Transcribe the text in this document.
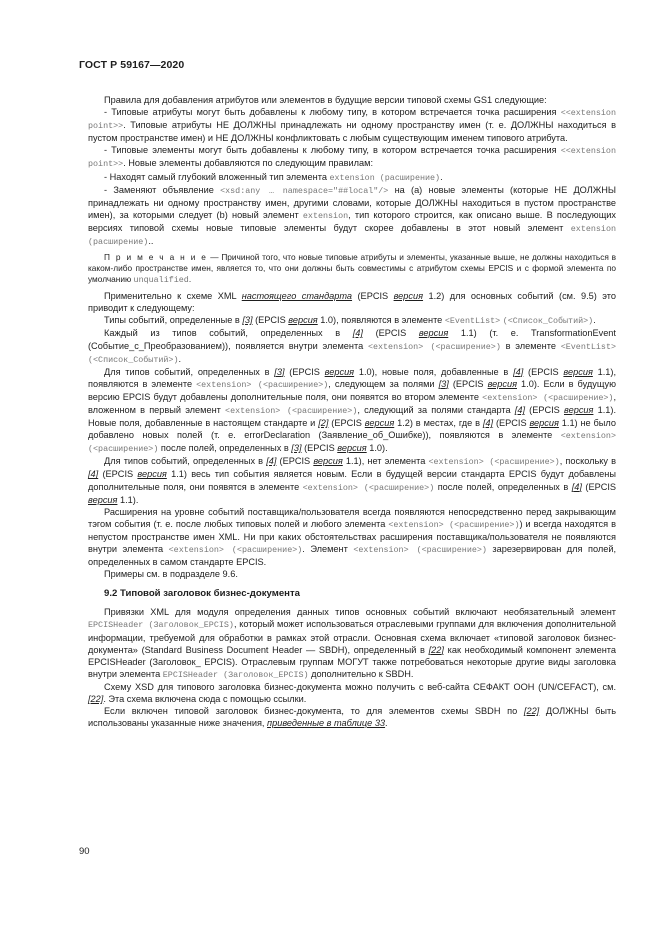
ГОСТ Р 59167—2020

Правила для добавления атрибутов или элементов в будущие версии типовой схемы GS1 следующие:

- Типовые атрибуты могут быть добавлены к любому типу, в котором встречается точка расширения <<extension point>>. Типовые атрибуты НЕ ДОЛЖНЫ принадлежать ни одному пространству имен (т. е. ДОЛЖНЫ находиться в пустом пространстве имен) и НЕ ДОЛЖНЫ конфликтовать с любым существующим именем типового атрибута.

- Типовые элементы могут быть добавлены к любому типу, в котором встречается точка расширения <<extension point>>. Новые элементы добавляются по следующим правилам:

- Находят самый глубокий вложенный тип элемента extension (расширение).

- Заменяют объявление <xsd:any … namespace="##local"/> на (a) новые элементы (которые НЕ ДОЛЖНЫ принадлежать ни одному пространству имен, другими словами, которые ДОЛЖНЫ находиться в пустом пространстве имен), за которыми следует (b) новый элемент extension, тип которого строится, как описано выше. В последующих версиях типовой схемы новые типовые элементы будут скорее добавлены в этот новый элемент extension (расширение)..

П р и м е ч а н и е — Причиной того, что новые типовые атрибуты и элементы, указанные выше, не должны находиться в каком-либо пространстве имен, является то, что они должны быть совместимы с атрибутом схемы EPCIS и с формой элемента по умолчанию unqualified.

Применительно к схеме XML настоящего стандарта (EPCIS версия 1.2) для основных событий (см. 9.5) это приводит к следующему:

Типы событий, определенные в [3] (EPCIS версия 1.0), появляются в элементе <EventList> (<Список_Событий>).

Каждый из типов событий, определенных в [4] (EPCIS версия 1.1) (т. е. TransformationEvent (Событие_с_Преобразованием)), появляется внутри элемента <extension> (<расширение>) в элементе <EventList> (<Список_Событий>).

Для типов событий, определенных в [3] (EPCIS версия 1.0), новые поля, добавленные в [4] (EPCIS версия 1.1), появляются в элементе <extension> (<расширение>), следующем за полями [3] (EPCIS версия 1.0). Если в будущую версию EPCIS будут добавлены дополнительные поля, они появятся во втором элементе <extension> (<расширение>), вложенном в первый элемент <extension> (<расширение>), следующий за полями стандарта [4] (EPCIS версия 1.1). Новые поля, добавленные в настоящем стандарте и [2] (EPCIS версия 1.2) в местах, где в [4] (EPCIS версия 1.1) не было добавлено новых полей (т. е. errorDeclaration (Заявление_об_Ошибке)), появляются в элементе <extension> (<расширение>) после полей, определенных в [3] (EPCIS версия 1.0).

Для типов событий, определенных в [4] (EPCIS версия 1.1), нет элемента <extension> (<расширение>), поскольку в [4] (EPCIS версия 1.1) весь тип события является новым. Если в будущей версии стандарта EPCIS будут добавлены дополнительные поля, они появятся в элементе <extension> (<расширение>) после полей, определенных в [4] (EPCIS версия 1.1).

Расширения на уровне событий поставщика/пользователя всегда появляются непосредственно перед закрывающим тэгом события (т. е. после любых типовых полей и любого элемента <extension> (<расширение>)) и всегда находятся в непустом пространстве имен XML. Ни при каких обстоятельствах расширения поставщика/пользователя не появляются внутри элемента <extension> (<расширение>). Элемент <extension> (<расширение>) зарезервирован для полей, определенных в самом стандарте EPCIS.

Примеры см. в подразделе 9.6.

9.2 Типовой заголовок бизнес-документа

Привязки XML для модуля определения данных типов основных событий включают необязательный элемент EPCISHeader (Заголовок_EPCIS), который может использоваться отраслевыми группами для включения дополнительной информации, требуемой для обработки в рамках этой отрасли. Основная схема включает «типовой заголовок бизнес-документа» (Standard Business Document Header — SBDH), определенный в [22] как необходимый компонент элемента EPCISHeader (Заголовок_ EPCIS). Отраслевым группам МОГУТ также потребоваться некоторые другие виды заголовка внутри элемента EPCISHeader (Заголовок_EPCIS) дополнительно к SBDH.

Схему XSD для типового заголовка бизнес-документа можно получить с веб-сайта СЕФАКТ ООН (UN/CEFACT), см. [22]. Эта схема включена сюда с помощью ссылки.

Если включен типовой заголовок бизнес-документа, то для элементов схемы SBDH по [22] ДОЛЖНЫ быть использованы указанные ниже значения, приведенные в таблице 33.

90
